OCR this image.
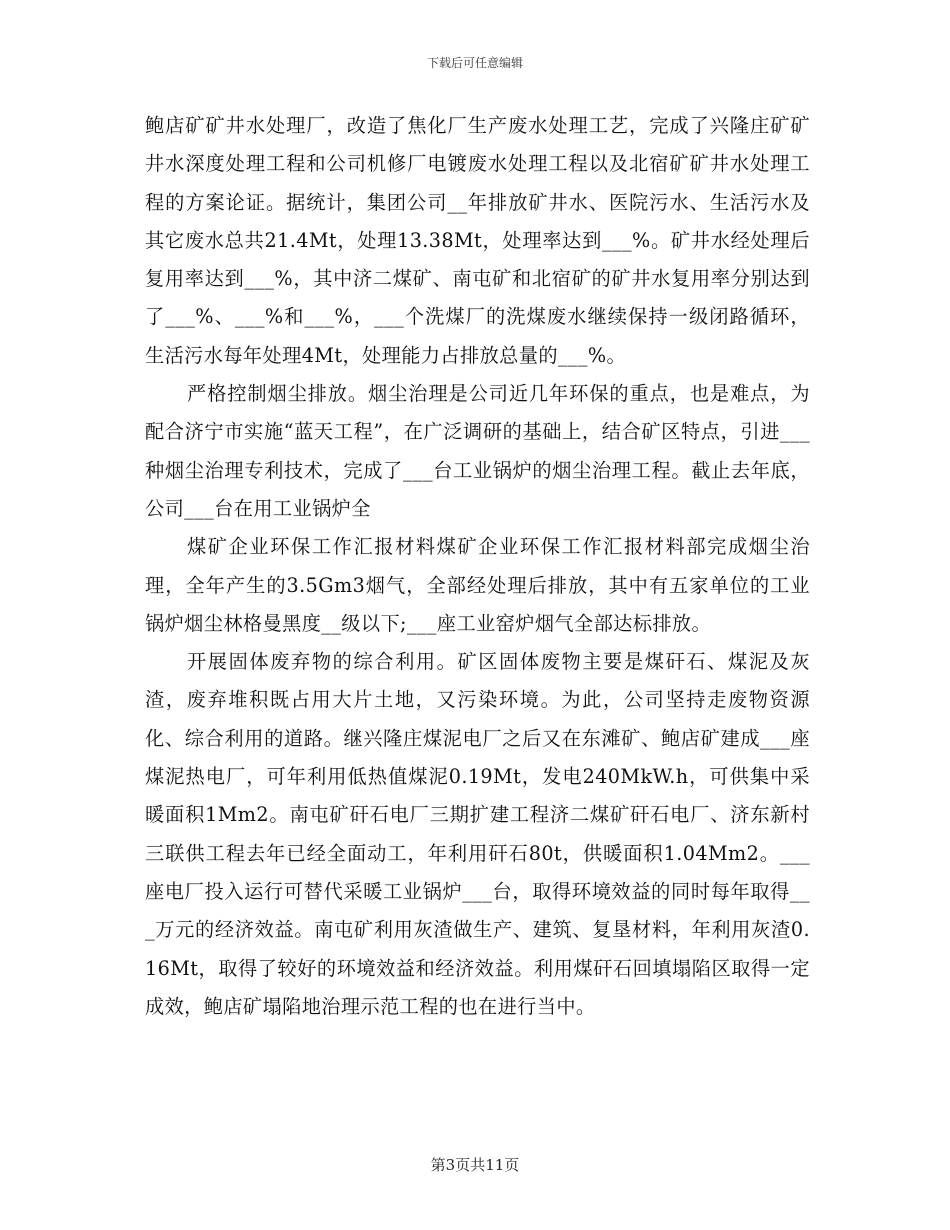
下载后可任意编辑

鲍店矿矿井水处理厂，改造了焦化厂生产废水处理工艺，完成了兴隆庄矿矿井水深度处理工程和公司机修厂电镀废水处理工程以及北宿矿矿井水处理工程的方案论证。据统计，集团公司__年排放矿井水、医院污水、生活污水及其它废水总共21.4Mt，处理13.38Mt，处理率达到___%。矿井水经处理后复用率达到___%，其中济二煤矿、南屯矿和北宿矿的矿井水复用率分别达到了___%、___%和___%，___个洗煤厂的洗煤废水继续保持一级闭路循环，生活污水每年处理4Mt，处理能力占排放总量的___%。

严格控制烟尘排放。烟尘治理是公司近几年环保的重点，也是难点，为配合济宁市实施“蓝天工程”，在广泛调研的基础上，结合矿区特点，引进___种烟尘治理专利技术，完成了___台工业锅炉的烟尘治理工程。截止去年底，公司___台在用工业锅炉全

煤矿企业环保工作汇报材料煤矿企业环保工作汇报材料部完成烟尘治理，全年产生的3.5Gm3烟气，全部经处理后排放，其中有五家单位的工业锅炉烟尘林格曼黑度__级以下;___座工业窑炉烟气全部达标排放。

开展固体废弃物的综合利用。矿区固体废物主要是煤矸石、煤泥及灰渣，废弃堆积既占用大片土地，又污染环境。为此，公司坚持走废物资源化、综合利用的道路。继兴隆庄煤泥电厂之后又在东滩矿、鲍店矿建成___座煤泥热电厂，可年利用低热值煤泥0.19Mt，发电240MkW.h，可供集中采暖面积1Mm2。南屯矿矸石电厂三期扩建工程济二煤矿矸石电厂、济东新村三联供工程去年已经全面动工，年利用矸石80t，供暖面积1.04Mm2。___座电厂投入运行可替代采暖工业锅炉___台，取得环境效益的同时每年取得___万元的经济效益。南屯矿利用灰渣做生产、建筑、复垦材料，年利用灰渣0.16Mt，取得了较好的环境效益和经济效益。利用煤矸石回填塌陷区取得一定成效，鲍店矿塌陷地治理示范工程的也在进行当中。

第3页共11页
